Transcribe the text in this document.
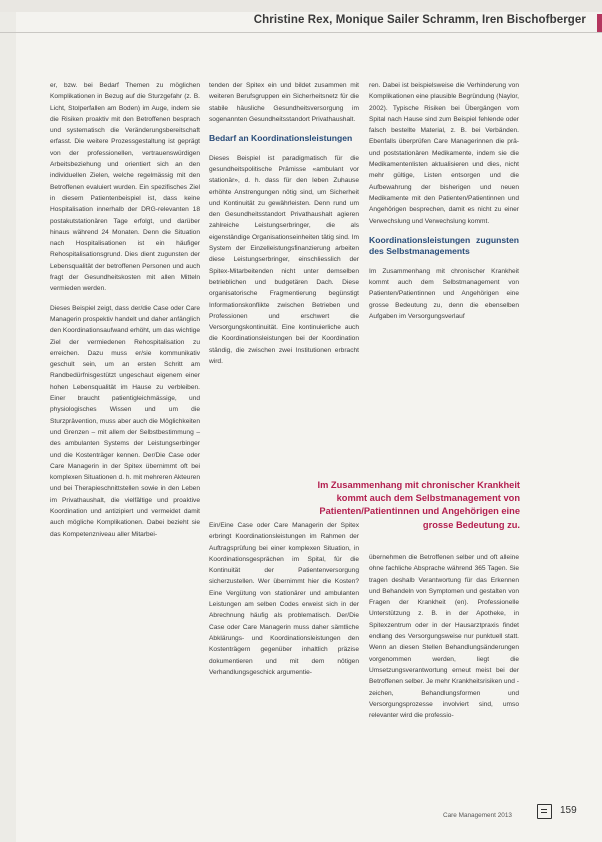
Christine Rex, Monique Sailer Schramm, Iren Bischofberger

er, bzw. bei Bedarf Themen zu möglichen Komplikationen in Bezug auf die Sturzgefahr (z. B. Licht, Stolperfallen am Boden) im Auge, indem sie die Risiken proaktiv mit den Betroffenen besprach und systematisch die Veränderungsbereitschaft erfasst. Die weitere Prozessgestaltung ist geprägt von der professionellen, vertrauenswürdigen Arbeitsbeziehung und orientiert sich an den individuellen Zielen, welche regelmässig mit den Betroffenen evaluiert wurden. Ein spezifisches Ziel in diesem Patientenbeispiel ist, dass keine Hospitalisation innerhalb der DRG-relevanten 18 postakutstationären Tage erfolgt, und darüber hinaus während 24 Monaten. Denn die Situation nach Hospitalisationen ist ein häufiger Rehospitalisationsgrund. Dies dient zugunsten der Lebensqualität der betroffenen Personen und auch fragt der Gesundheitskosten mit allen Mitteln vermieden werden.

Dieses Beispiel zeigt, dass der/die Case oder Care Managerin prospektiv handelt und daher anfänglich den Koordinationsaufwand erhöht, um das wichtige Ziel der vermiedenen Rehospitalisation zu erreichen. Dazu muss er/sie kommunikativ geschult sein, um an ersten Schritt am Randbedürfnisgestützt ungeschaut eigenem einer hohen Lebensqualität im Hause zu verbleiben. Einer braucht patientigleichmässige, und physiologisches Wissen und um die Sturzprävention, muss aber auch die Möglichkeiten und Grenzen – mit allem der Selbstbestimmung – des ambulanten Systems der Leistungserbinger und die Kostenträger kennen. Der/Die Case oder Care Managerin in der Spitex übernimmt oft bei komplexen Situationen d. h. mit mehreren Akteuren und bei Therapieschnittstellen sowie in den Leben im Privathaushalt, die vielfältige und proaktive Koordination und antizipiert und vermeidet damit auch mögliche Komplikationen. Dabei bezieht sie das Kompetenzniveau aller Mitarbei-

tenden der Spitex ein und bildet zusammen mit weiteren Berufsgruppen ein Sicherheitsnetz für die stabile häusliche Gesundheitsversorgung im sogenannten Gesundheitsstandort Privathaushalt.

Bedarf an Koordinationsleistungen

Dieses Beispiel ist paradigmatisch für die gesundheitspolitische Prämisse «ambulant vor stationär», d. h. dass für den Ieben Zuhause erhöhte Anstrengungen nötig sind, um Sicherheit und Kontinuität zu gewährleisten. Denn rund um den Gesundheitsstandort Privathaushalt agieren zahlreiche Leistungserbringer, die als eigenständige Organisationseinheiten tätig sind. Im System der Einzelleistungsfinanzierung arbeiten diese Leistungserbringer, einschliesslich der Spitex-Mitarbeitenden nicht unter demselben betrieblichen und budgetären Dach. Diese organisatorische Fragmentierung begünstigt Informationskonflikte zwischen Betrieben und Professionen und erschwert die Versorgungskontinuität. Eine kontinuierliche auch die Koordinationsleistungen bei der Koordination ständig, die zwischen zwei Institutionen erbracht wird.

Ein/Eine Case oder Care Managerin der Spitex erbringt Koordinationsleistungen im Rahmen der Auftragsprüfung bei einer komplexen Situation, in Koordinationsgesprächen im Spital, für die Kontinuität der Patientenversorgung sicherzustellen. Wer übernimmt hier die Kosten? Eine Vergütung von stationärer und ambulanten Leistungen am selben Codes erweist sich in der Abrechnung häufig als problematisch. Der/Die Case oder Care Managerin muss daher sämtliche Abklärungs- und Koordinationsleistungen den Kostenträgern gegenüber inhaltlich präzise dokumentieren und mit dem nötigen Verhandlungsgeschick argumentie-

ren. Dabei ist beispielsweise die Verhinderung von Komplikationen eine plausible Begründung (Naylor, 2002). Typische Risiken bei Übergängen vom Spital nach Hause sind zum Beispiel fehlende oder falsch bestellte Material, z. B. bei Verbänden. Ebenfalls überprüfen Care Managerinnen die prä- und poststationären Medikamente, indem sie die Medikamentenlisten aktualisieren und dies, nicht mehr gültige, Listen entsorgen und die Aufbewahrung der bisherigen und neuen Medikamente mit den Patienten/Patientinnen und Angehörigen besprechen, damit es nicht zu einer Verwechslung und Verwechslung kommt.

Koordinationsleistungen zugunsten des Selbstmanagements

Im Zusammenhang mit chronischer Krankheit kommt auch dem Selbstmanagement von Patienten/Patientinnen und Angehörigen eine grosse Bedeutung zu, denn die ebenselben Aufgaben im Versorgungsverlauf

Im Zusammenhang mit chronischer Krankheit kommt auch dem Selbstmanagement von Patienten/Patientinnen und Angehörigen eine grosse Bedeutung zu.

übernehmen die Betroffenen selber und oft alleine ohne fachliche Absprache während 365 Tagen. Sie tragen deshalb Verantwortung für das Erkennen und Behandeln von Symptomen und gestalten von Fragen der Krankheit (en). Professionelle Unterstützung z. B. in der Apotheke, in Spitexzentrum oder in der Hausarztpraxis findet endlang des Versorgungsweise nur punktuell statt. Wenn an diesen Stellen Behandlungsänderungen vorgenommen werden, liegt die Umsetzungsverantwortung erneut meist bei der Betroffenen selber. Je mehr Krankheitsrisiken und -zeichen, Behandlungsformen und Versorgungsprozesse involviert sind, umso relevanter wird die professio-

Care Management 2013	159
